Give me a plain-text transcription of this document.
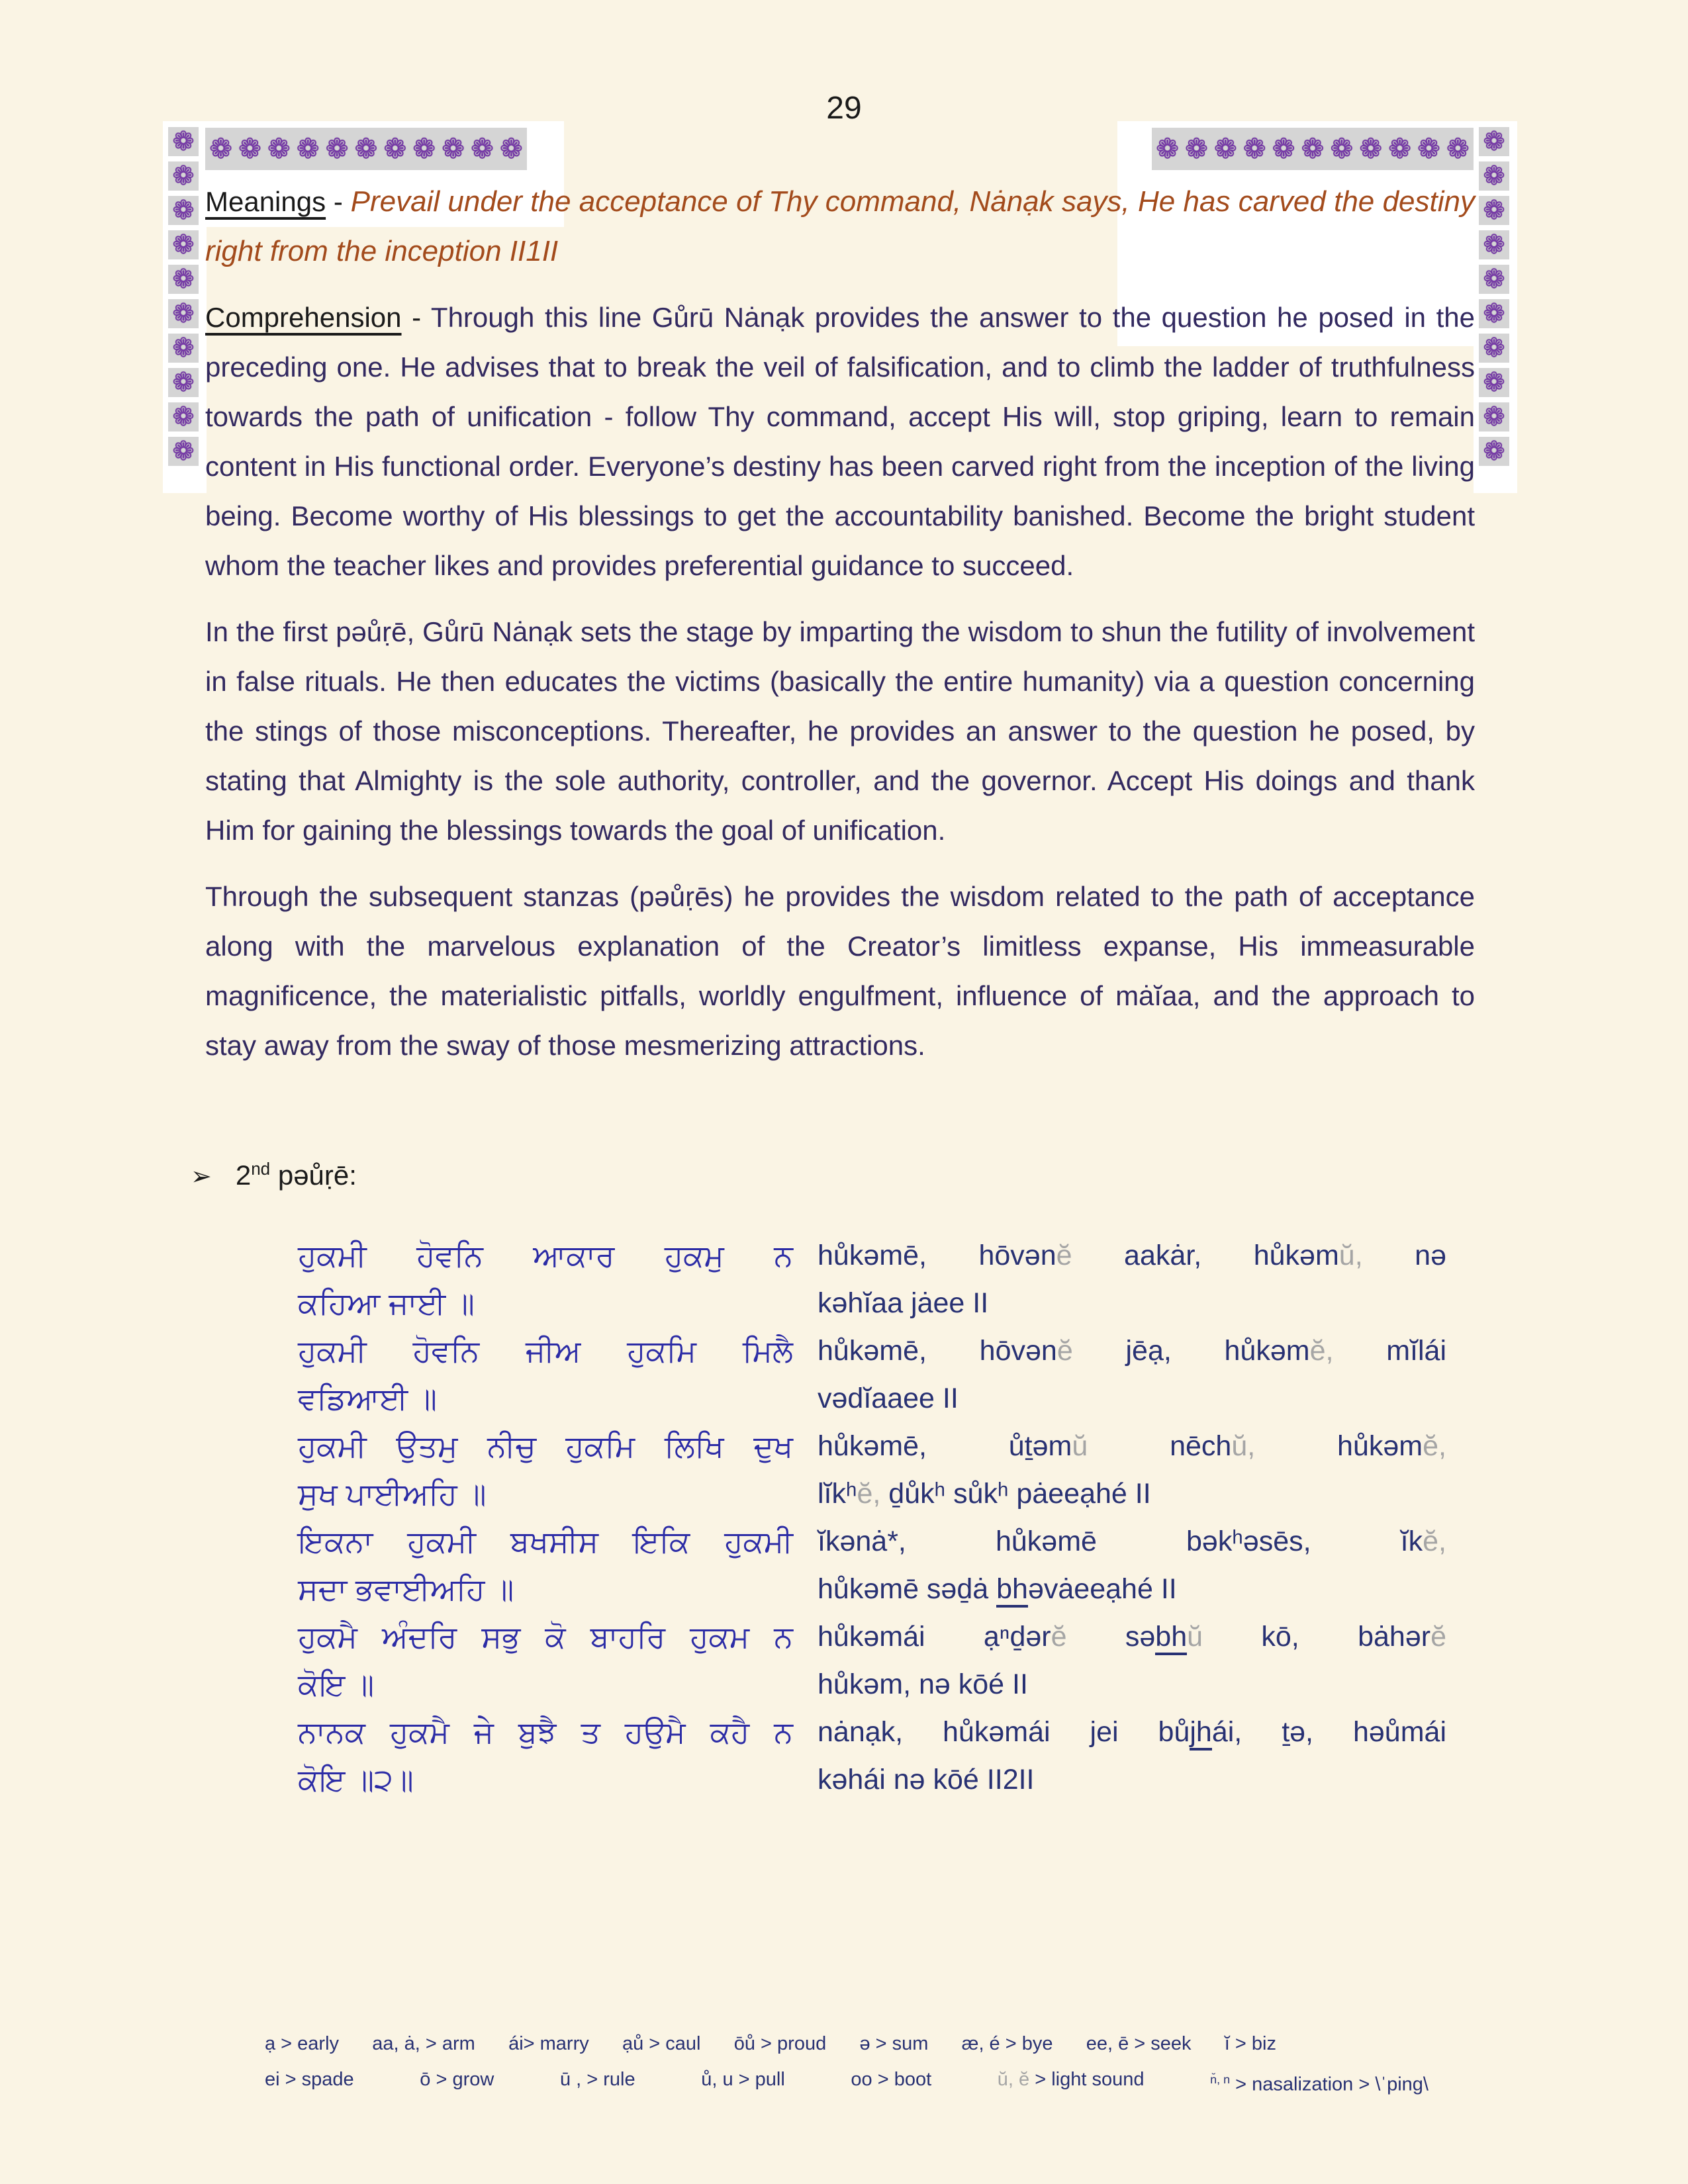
29
❁ ❁ ❁ ❁ ❁ ❁ ❁ ❁ ❁ ❁ ❁	❁ ❁ ❁ ❁ ❁ ❁ ❁ ❁ ❁ ❁ ❁
❁
❁
❁
❁
❁
❁
❁
❁
❁
❁
❁
❁
❁
❁
❁
❁
❁
❁
❁
❁

Meanings - Prevail under the acceptance of Thy command, Nȧnạk says, He has carved the destiny right from the inception II1II

Comprehension - Through this line Gůrū Nȧnạk provides the answer to the question he posed in the preceding one. He advises that to break the veil of falsification, and to climb the ladder of truthfulness towards the path of unification - follow Thy command, accept His will, stop griping, learn to remain content in His functional order. Everyone’s destiny has been carved right from the inception of the living being. Become worthy of His blessings to get the accountability banished. Become the bright student whom the teacher likes and provides preferential guidance to succeed.

In the first pəůṛē, Gůrū Nȧnạk sets the stage by imparting the wisdom to shun the futility of involvement in false rituals. He then educates the victims (basically the entire humanity) via a question concerning the stings of those misconceptions. Thereafter, he provides an answer to the question he posed, by stating that Almighty is the sole authority, controller, and the governor. Accept His doings and thank Him for gaining the blessings towards the goal of unification.

Through the subsequent stanzas (pəůṛēs) he provides the wisdom related to the path of acceptance along with the marvelous explanation of the Creator’s limitless expanse, His immeasurable magnificence, the materialistic pitfalls, worldly engulfment, influence of mȧĭaa, and the approach to stay away from the sway of those mesmerizing attractions.

➢ 2nd pəůṛē:
ਹੁਕਮੀ ਹੋਵਨਿ ਆਕਾਰ ਹੁਕਮੁ ਨ
ਕਹਿਆ ਜਾਈ ॥
hůkəmē, hōvənĕ aakȧr, hůkəmŭ, nə
kəhĭaa jȧee II
ਹੁਕਮੀ ਹੋਵਨਿ ਜੀਅ ਹੁਕਮਿ ਮਿਲੈ
ਵਡਿਆਈ ॥
hůkəmē, hōvənĕ jēạ, hůkəmĕ, mĭlái
vədĭaaee II
ਹੁਕਮੀ ਉਤਮੁ ਨੀਚੁ ਹੁਕਮਿ ਲਿਖਿ ਦੁਖ
ਸੁਖ ਪਾਈਅਹਿ ॥
hůkəmē, ůṯəmŭ nēchŭ, hůkəmĕ,
lĭkʰĕ, ḏůkʰ sůkʰ pȧeeạhé II
ਇਕਨਾ ਹੁਕਮੀ ਬਖਸੀਸ ਇਕਿ ਹੁਕਮੀ
ਸਦਾ ਭਵਾਈਅਹਿ ॥
ĭkənȧ*, hůkəmē bəkʰəsēs, ĭkĕ,
hůkəmē səḏȧ bhəvȧeeạhé II
ਹੁਕਮੈ ਅੰਦਰਿ ਸਭੁ ਕੋ ਬਾਹਰਿ ਹੁਕਮ ਨ
ਕੋਇ ॥
hůkəmái ạⁿḏərĕ səbhŭ kō, bȧhərĕ
hůkəm, nə kōé II
ਨਾਨਕ ਹੁਕਮੈ ਜੇ ਬੁਝੈ ਤ ਹਉਮੈ ਕਹੈ ਨ
ਕੋਇ ॥੨॥
nȧnạk, hůkəmái jei bůjhái, ṯə, həůmái
kəhái nə kōé II2II
ạ > early aa, ȧ, > arm ái> marry ạů > caul ōů > proud ə > sum æ, é > bye ee, ē > seek ĭ > biz
ei > spade	ō > grow	ū , > rule	ů, u > pull	oo > boot	ŭ, ĕ > light sound	$^{n̆, n}$ > nasalization > \ˈping\
